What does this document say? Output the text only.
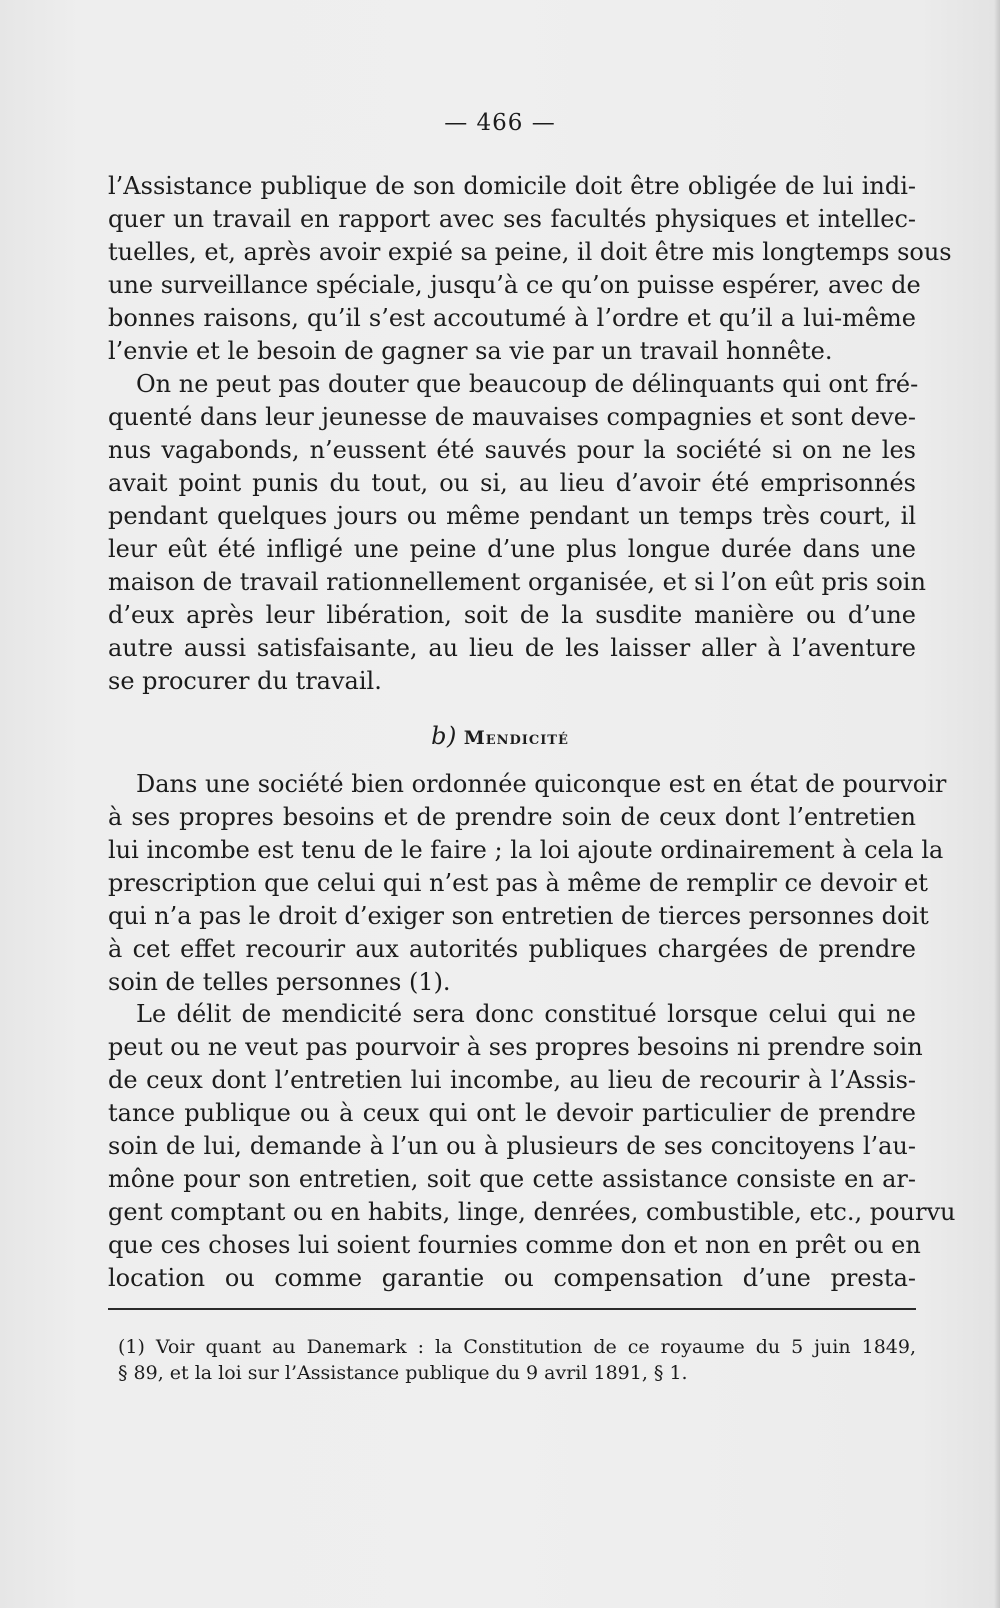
— 466 —
l’Assistance publique de son domicile doit être obligée de lui indi-
quer un travail en rapport avec ses facultés physiques et intellec-
tuelles, et, après avoir expié sa peine, il doit être mis longtemps sous
une surveillance spéciale, jusqu’à ce qu’on puisse espérer, avec de
bonnes raisons, qu’il s’est accoutumé à l’ordre et qu’il a lui-même
l’envie et le besoin de gagner sa vie par un travail honnête.
On ne peut pas douter que beaucoup de délinquants qui ont fré-
quenté dans leur jeunesse de mauvaises compagnies et sont deve-
nus vagabonds, n’eussent été sauvés pour la société si on ne les
avait point punis du tout, ou si, au lieu d’avoir été emprisonnés
pendant quelques jours ou même pendant un temps très court, il
leur eût été infligé une peine d’une plus longue durée dans une
maison de travail rationnellement organisée, et si l’on eût pris soin
d’eux après leur libération, soit de la susdite manière ou d’une
autre aussi satisfaisante, au lieu de les laisser aller à l’aventure
se procurer du travail.
b) Mendicité
Dans une société bien ordonnée quiconque est en état de pourvoir
à ses propres besoins et de prendre soin de ceux dont l’entretien
lui incombe est tenu de le faire ; la loi ajoute ordinairement à cela la
prescription que celui qui n’est pas à même de remplir ce devoir et
qui n’a pas le droit d’exiger son entretien de tierces personnes doit
à cet effet recourir aux autorités publiques chargées de prendre
soin de telles personnes (1).
Le délit de mendicité sera donc constitué lorsque celui qui ne
peut ou ne veut pas pourvoir à ses propres besoins ni prendre soin
de ceux dont l’entretien lui incombe, au lieu de recourir à l’Assis-
tance publique ou à ceux qui ont le devoir particulier de prendre
soin de lui, demande à l’un ou à plusieurs de ses concitoyens l’au-
mône pour son entretien, soit que cette assistance consiste en ar-
gent comptant ou en habits, linge, denrées, combustible, etc., pourvu
que ces choses lui soient fournies comme don et non en prêt ou en
location ou comme garantie ou compensation d’une presta-
(1) Voir quant au Danemark : la Constitution de ce royaume du 5 juin 1849,
§ 89, et la loi sur l’Assistance publique du 9 avril 1891, § 1.
